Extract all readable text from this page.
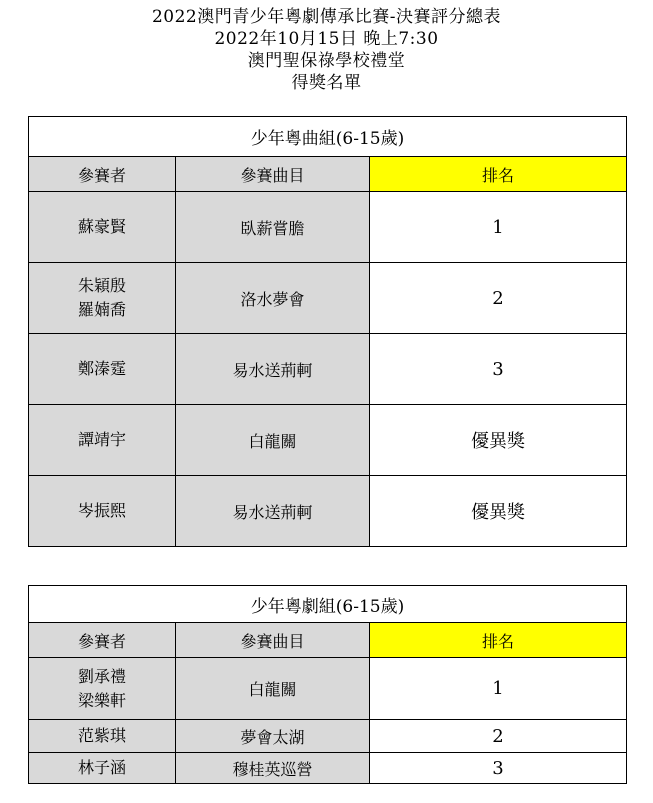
2022澳門青少年粵劇傳承比賽-決賽評分總表
2022年10月15日 晚上7:30
澳門聖保祿學校禮堂
得獎名單
少年粵曲組(6-15歲)		
參賽者	參賽曲目	排名

蘇豪賢	臥薪嘗膽	1

朱穎殷
羅婻喬	洛水夢會	2

鄭溱霆	易水送荊軻	3

譚靖宇	白龍關	優異獎

岑振熙	易水送荊軻	優異獎
少年粵劇組(6-15歲)		
參賽者	參賽曲目	排名

劉承禮
梁樂軒	白龍關	1

范紫琪	夢會太湖	2

林子涵	穆桂英巡營	3
